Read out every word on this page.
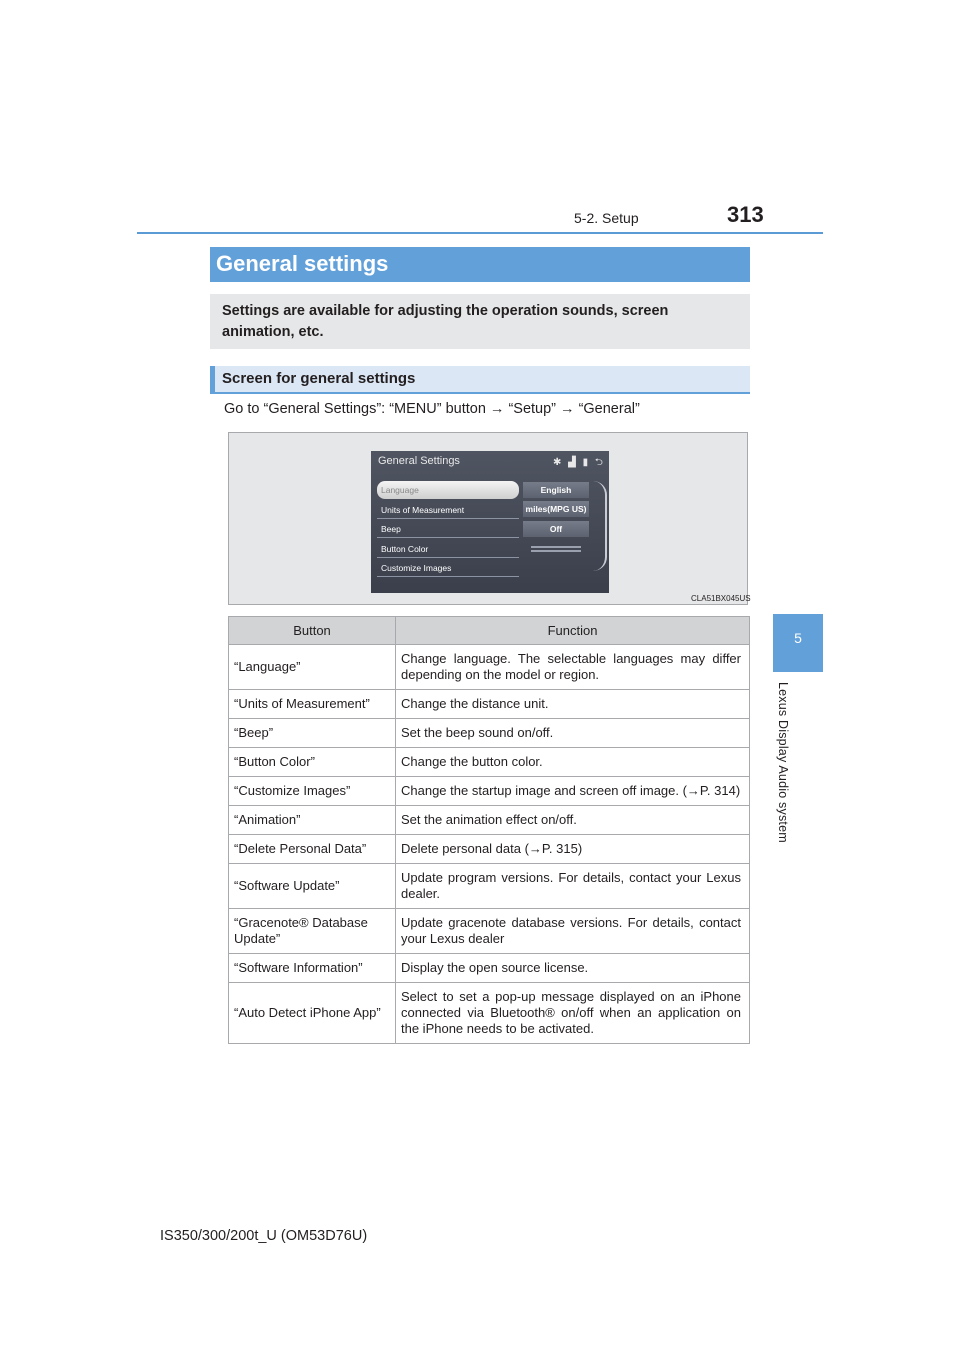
5-2. Setup	313
5
Lexus Display Audio system
General settings
Settings are available for adjusting the operation sounds, screen animation, etc.
Screen for general settings
Go to “General Settings”: “MENU” button → “Setup” → “General”
General Settings	✱ ▟ ▮ ⮌
Language	English
Units of Measurement	miles(MPG US)
Beep	Off
Button Color
Customize Images
CLA51BX045US
Button	Function
“Language”	Change language. The selectable languages may differ depending on the model or region.
“Units of Measurement”	Change the distance unit.
“Beep”	Set the beep sound on/off.
“Button Color”	Change the button color.
“Customize Images”	Change the startup image and screen off image. (→P. 314)
“Animation”	Set the animation effect on/off.
“Delete Personal Data”	Delete personal data (→P. 315)
“Software Update”	Update program versions. For details, contact your Lexus dealer.
“Gracenote® Database Update”	Update gracenote database versions. For details, contact your Lexus dealer
“Software Information”	Display the open source license.
“Auto Detect iPhone App”	Select to set a pop-up message displayed on an iPhone connected via Bluetooth® on/off when an application on the iPhone needs to be activated.
IS350/300/200t_U (OM53D76U)
